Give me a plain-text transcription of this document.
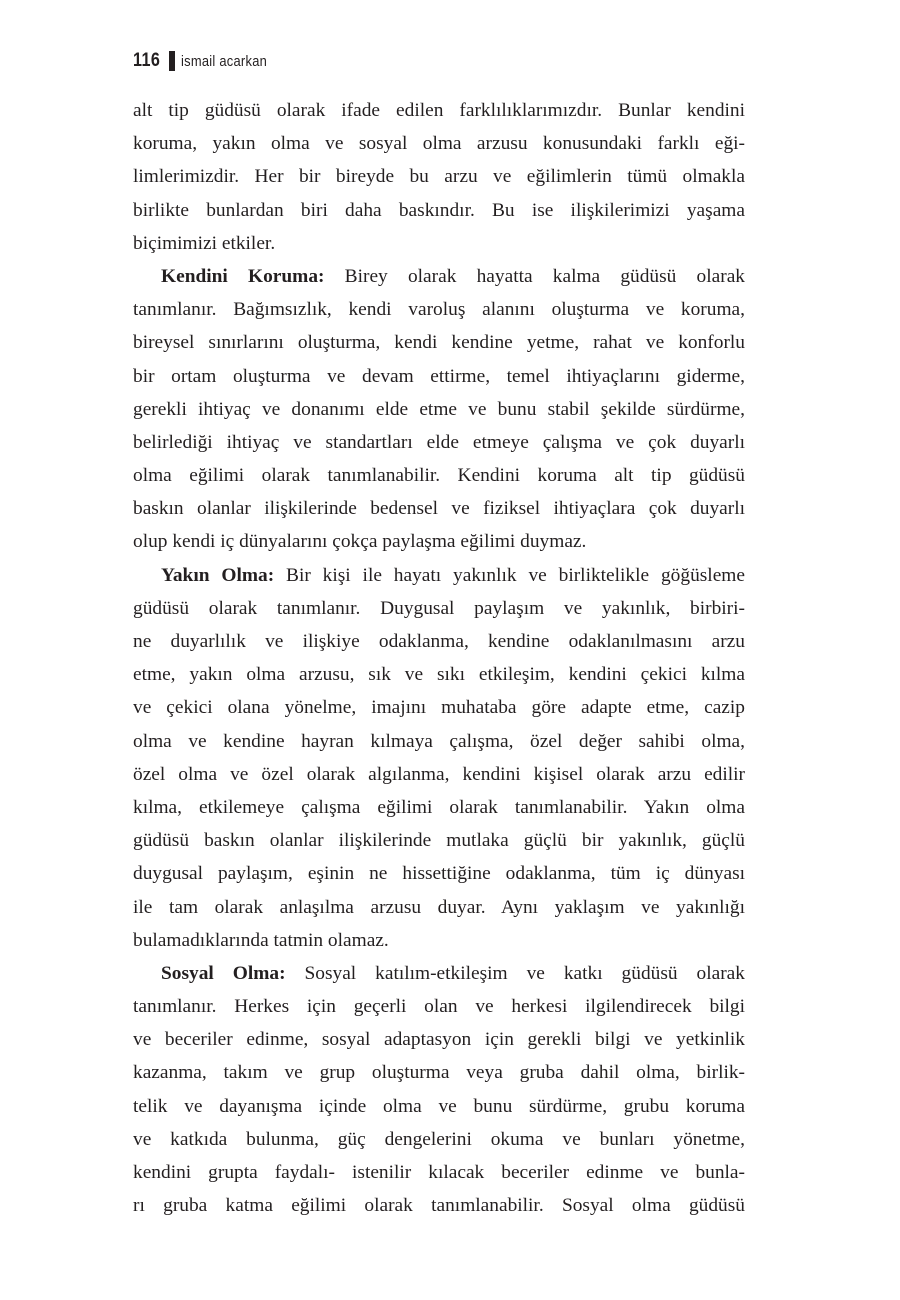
116 ismail acarkan
alt tip güdüsü olarak ifade edilen farklılıklarımızdır. Bunlar kendini
koruma, yakın olma ve sosyal olma arzusu konusundaki farklı eği-
limlerimizdir. Her bir bireyde bu arzu ve eğilimlerin tümü olmakla
birlikte bunlardan biri daha baskındır. Bu ise ilişkilerimizi yaşama
biçimimizi etkiler.
Kendini Koruma: Birey olarak hayatta kalma güdüsü olarak
tanımlanır. Bağımsızlık, kendi varoluş alanını oluşturma ve koruma,
bireysel sınırlarını oluşturma, kendi kendine yetme, rahat ve konforlu
bir ortam oluşturma ve devam ettirme, temel ihtiyaçlarını giderme,
gerekli ihtiyaç ve donanımı elde etme ve bunu stabil şekilde sürdürme,
belirlediği ihtiyaç ve standartları elde etmeye çalışma ve çok duyarlı
olma eğilimi olarak tanımlanabilir. Kendini koruma alt tip güdüsü
baskın olanlar ilişkilerinde bedensel ve fiziksel ihtiyaçlara çok duyarlı
olup kendi iç dünyalarını çokça paylaşma eğilimi duymaz.
Yakın Olma: Bir kişi ile hayatı yakınlık ve birliktelikle göğüsleme
güdüsü olarak tanımlanır. Duygusal paylaşım ve yakınlık, birbiri-
ne duyarlılık ve ilişkiye odaklanma, kendine odaklanılmasını arzu
etme, yakın olma arzusu, sık ve sıkı etkileşim, kendini çekici kılma
ve çekici olana yönelme, imajını muhataba göre adapte etme, cazip
olma ve kendine hayran kılmaya çalışma, özel değer sahibi olma,
özel olma ve özel olarak algılanma, kendini kişisel olarak arzu edilir
kılma, etkilemeye çalışma eğilimi olarak tanımlanabilir. Yakın olma
güdüsü baskın olanlar ilişkilerinde mutlaka güçlü bir yakınlık, güçlü
duygusal paylaşım, eşinin ne hissettiğine odaklanma, tüm iç dünyası
ile tam olarak anlaşılma arzusu duyar. Aynı yaklaşım ve yakınlığı
bulamadıklarında tatmin olamaz.
Sosyal Olma: Sosyal katılım-etkileşim ve katkı güdüsü olarak
tanımlanır. Herkes için geçerli olan ve herkesi ilgilendirecek bilgi
ve beceriler edinme, sosyal adaptasyon için gerekli bilgi ve yetkinlik
kazanma, takım ve grup oluşturma veya gruba dahil olma, birlik-
telik ve dayanışma içinde olma ve bunu sürdürme, grubu koruma
ve katkıda bulunma, güç dengelerini okuma ve bunları yönetme,
kendini grupta faydalı- istenilir kılacak beceriler edinme ve bunla-
rı gruba katma eğilimi olarak tanımlanabilir. Sosyal olma güdüsü
